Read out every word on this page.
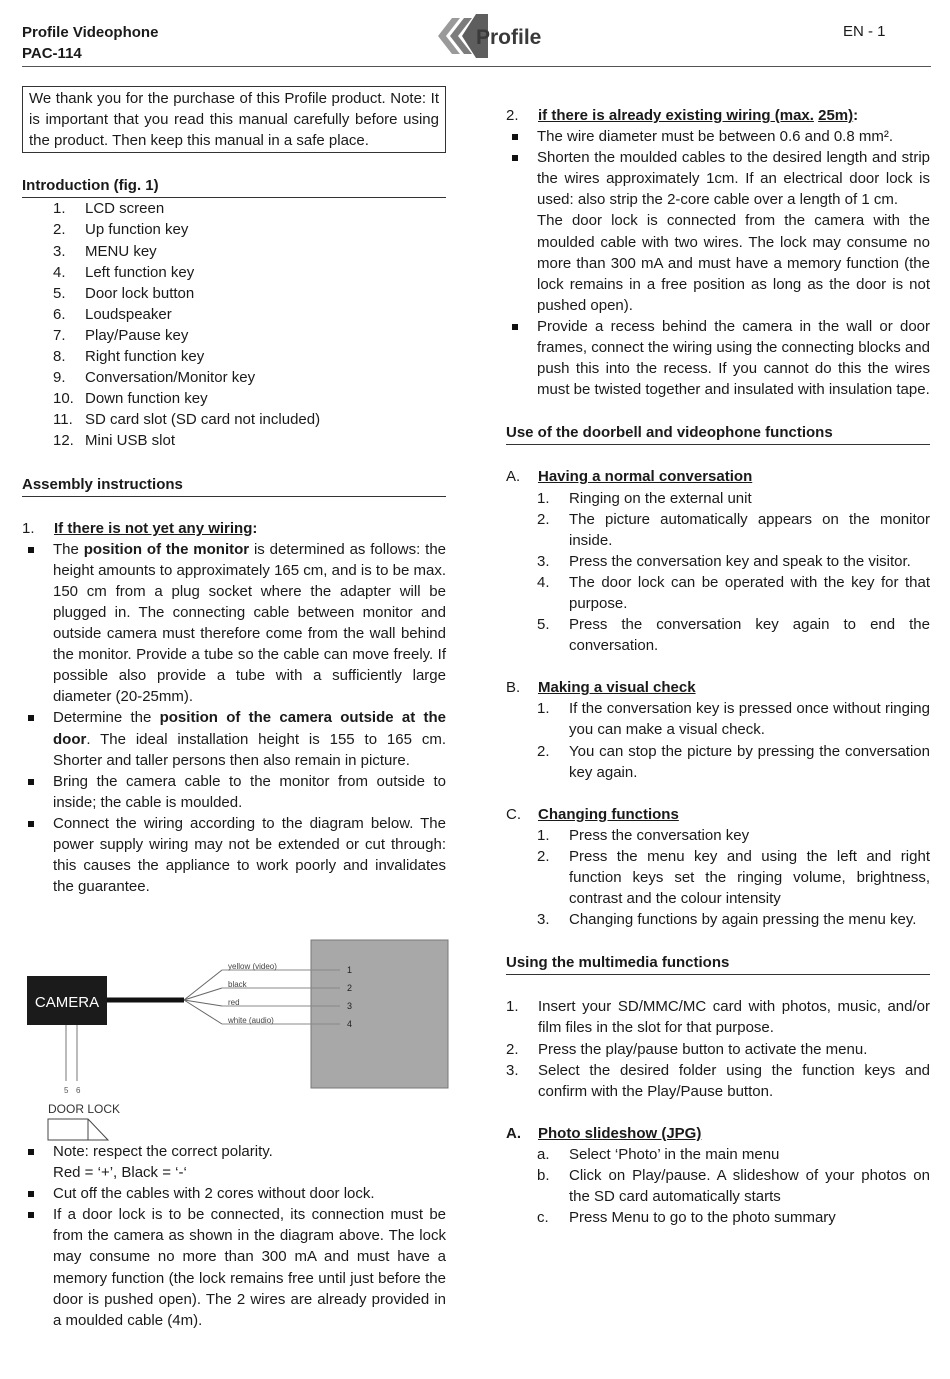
Profile Videophone
PAC-114
Profile	EN - 1
We thank you for the purchase of this Profile product. Note: It is important that you read this manual carefully before using the product. Then keep this manual in a safe place.
Introduction (fig. 1)
1.	LCD screen
2.	Up function key
3.	MENU key
4.	Left function key
5.	Door lock button
6.	Loudspeaker
7.	Play/Pause key
8.	Right function key
9.	Conversation/Monitor key
10. Down function key
11. SD card slot (SD card not included)
12. Mini USB slot
Assembly instructions
1.	If there is not yet any wiring:
The position of the monitor is determined as follows: the height amounts to approximately 165 cm, and is to be max. 150 cm from a plug socket where the adapter will be plugged in. The connecting cable between monitor and outside camera must therefore come from the wall behind the monitor. Provide a tube so the cable can move freely. If possible also provide a tube with a sufficiently large diameter (20-25mm).
Determine the position of the camera outside at the door. The ideal installation height is 155 to 165 cm. Shorter and taller persons then also remain in picture.
Bring the camera cable to the monitor from outside to inside; the cable is moulded.
Connect the wiring according to the diagram below. The power supply wiring may not be extended or cut through: this causes the appliance to work poorly and invalidates the guarantee.
CAMERA
yellow (video)	1
black	2
red	3
white (audio)	4
5 6
DOOR LOCK
Note: respect the correct polarity.
Red = ‘+’, Black = ‘-‘
Cut off the cables with 2 cores without door lock.
If a door lock is to be connected, its connection must be from the camera as shown in the diagram above. The lock may consume no more than 300 mA and must have a memory function (the lock remains free until just before the door is pushed open). The 2 wires are already provided in a moulded cable (4m).
2.	if there is already existing wiring (max. 25m):
The wire diameter must be between 0.6 and 0.8 mm².
Shorten the moulded cables to the desired length and strip the wires approximately 1cm. If an electrical door lock is used: also strip the 2-core cable over a length of 1 cm.
The door lock is connected from the camera with the moulded cable with two wires. The lock may consume no more than 300 mA and must have a memory function (the lock remains in a free position as long as the door is not pushed open).
Provide a recess behind the camera in the wall or door frames, connect the wiring using the connecting blocks and push this into the recess. If you cannot do this the wires must be twisted together and insulated with insulation tape.
Use of the doorbell and videophone functions
A.	Having a normal conversation
1.	Ringing on the external unit
2.	The picture automatically appears on the monitor inside.
3.	Press the conversation key and speak to the visitor.
4.	The door lock can be operated with the key for that purpose.
5.	Press the conversation key again to end the conversation.
B.	Making a visual check
1.	If the conversation key is pressed once without ringing you can make a visual check.
2.	You can stop the picture by pressing the conversation key again.
C.	Changing functions
1.	Press the conversation key
2.	Press the menu key and using the left and right function keys set the ringing volume, brightness, contrast and the colour intensity
3.	Changing functions by again pressing the menu key.
Using the multimedia functions
1.	Insert your SD/MMC/MC card with photos, music, and/or film files in the slot for that purpose.
2.	Press the play/pause button to activate the menu.
3.	Select the desired folder using the function keys and confirm with the Play/Pause button.
A.	Photo slideshow (JPG)
a.	Select ‘Photo’ in the main menu
b.	Click on Play/pause. A slideshow of your photos on the SD card automatically starts
c.	Press Menu to go to the photo summary
